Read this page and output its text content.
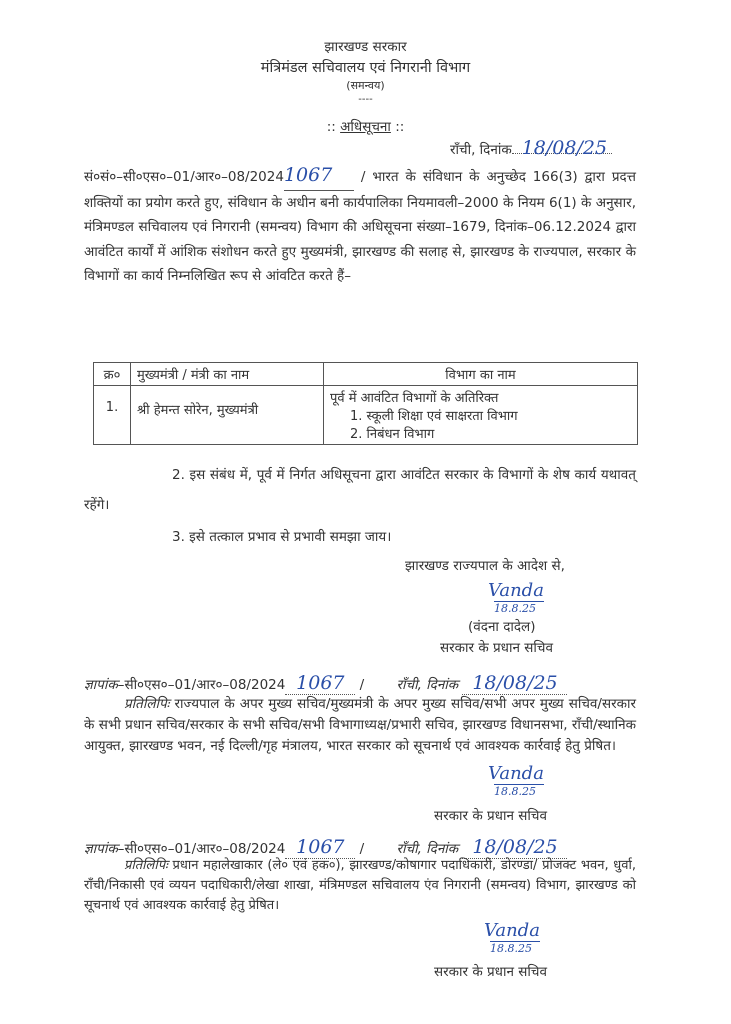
झारखण्ड सरकार
मंत्रिमंडल सचिवालय एवं निगरानी विभाग
(समन्वय)
----
:: अधिसूचना ::
राँची, दिनांक 18/08/25
सं०सं०–सी०एस०–01/आर०–08/20241067 / भारत के संविधान के अनुच्छेद 166(3) द्वारा प्रदत्त शक्तियों का प्रयोग करते हुए, संविधान के अधीन बनी कार्यपालिका नियमावली–2000 के नियम 6(1) के अनुसार, मंत्रिमण्डल सचिवालय एवं निगरानी (समन्वय) विभाग की अधिसूचना संख्या–1679, दिनांक–06.12.2024 द्वारा आवंटित कार्यों में आंशिक संशोधन करते हुए मुख्यमंत्री, झारखण्ड की सलाह से, झारखण्ड के राज्यपाल, सरकार के विभागों का कार्य निम्नलिखित रूप से आंवटित करते हैं–
क्र०	मुख्यमंत्री / मंत्री का नाम	विभाग का नाम
1.	श्री हेमन्त सोरेन, मुख्यमंत्री	पूर्व में आवंटित विभागों के अतिरिक्त
1. स्कूली शिक्षा एवं साक्षरता विभाग
2. निबंधन विभाग
2. इस संबंध में, पूर्व में निर्गत अधिसूचना द्वारा आवंटित सरकार के विभागों के शेष कार्य यथावत् रहेंगे।
3. इसे तत्काल प्रभाव से प्रभावी समझा जाय।
झारखण्ड राज्यपाल के आदेश से,
Vanda
18.8.25
(वंदना दादेल)
सरकार के प्रधान सचिव
ज्ञापांक–सी०एस०–01/आर०–08/2024 1067 / राँची, दिनांक 18/08/25
प्रतिलिपिः राज्यपाल के अपर मुख्य सचिव/मुख्यमंत्री के अपर मुख्य सचिव/सभी अपर मुख्य सचिव/सरकार के सभी प्रधान सचिव/सरकार के सभी सचिव/सभी विभागाध्यक्ष/प्रभारी सचिव, झारखण्ड विधानसभा, राँची/स्थानिक आयुक्त, झारखण्ड भवन, नई दिल्ली/गृह मंत्रालय, भारत सरकार को सूचनार्थ एवं आवश्यक कार्रवाई हेतु प्रेषित।
Vanda
18.8.25
सरकार के प्रधान सचिव
ज्ञापांक–सी०एस०–01/आर०–08/2024 1067 / राँची, दिनांक 18/08/25
प्रतिलिपिः प्रधान महालेखाकार (ले० एवं हक०), झारखण्ड/कोषागार पदाधिकारी, डोरण्डा/ प्रोजक्ट भवन, धुर्वा, राँची/निकासी एवं व्ययन पदाधिकारी/लेखा शाखा, मंत्रिमण्डल सचिवालय एंव निगरानी (समन्वय) विभाग, झारखण्ड को सूचनार्थ एवं आवश्यक कार्रवाई हेतु प्रेषित।
Vanda
18.8.25
सरकार के प्रधान सचिव
